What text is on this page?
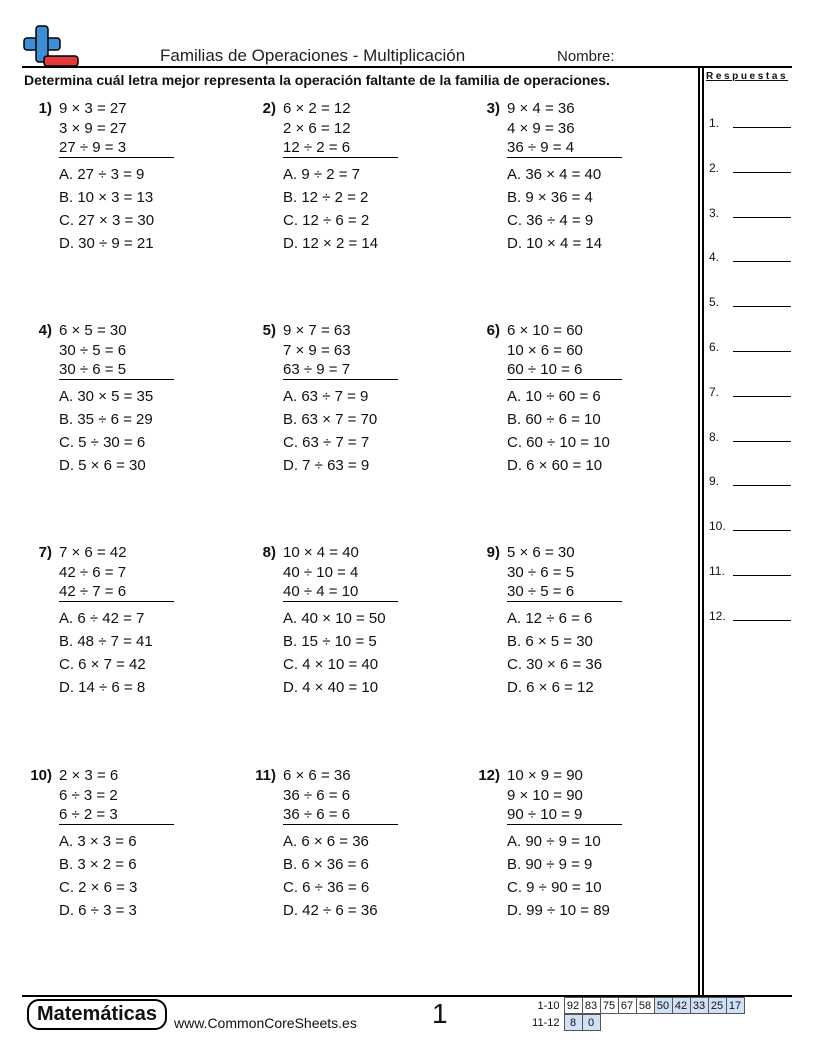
Familias de Operaciones - Multiplicación	Nombre:
Determina cuál letra mejor representa la operación faltante de la familia de operaciones.	Respuestas
1.
2.
3.
4.
5.
6.
7.
8.
9.
10.
11.
12.
1) 9 × 3 = 27
3 × 9 = 27
27 ÷ 9 = 3
A. 27 ÷ 3 = 9
B. 10 × 3 = 13
C. 27 × 3 = 30
D. 30 ÷ 9 = 21
2) 6 × 2 = 12
2 × 6 = 12
12 ÷ 2 = 6
A. 9 ÷ 2 = 7
B. 12 ÷ 2 = 2
C. 12 ÷ 6 = 2
D. 12 × 2 = 14
3) 9 × 4 = 36
4 × 9 = 36
36 ÷ 9 = 4
A. 36 × 4 = 40
B. 9 × 36 = 4
C. 36 ÷ 4 = 9
D. 10 × 4 = 14
4) 6 × 5 = 30
30 ÷ 5 = 6
30 ÷ 6 = 5
A. 30 × 5 = 35
B. 35 ÷ 6 = 29
C. 5 ÷ 30 = 6
D. 5 × 6 = 30
5) 9 × 7 = 63
7 × 9 = 63
63 ÷ 9 = 7
A. 63 ÷ 7 = 9
B. 63 × 7 = 70
C. 63 ÷ 7 = 7
D. 7 ÷ 63 = 9
6) 6 × 10 = 60
10 × 6 = 60
60 ÷ 10 = 6
A. 10 ÷ 60 = 6
B. 60 ÷ 6 = 10
C. 60 ÷ 10 = 10
D. 6 × 60 = 10
7) 7 × 6 = 42
42 ÷ 6 = 7
42 ÷ 7 = 6
A. 6 ÷ 42 = 7
B. 48 ÷ 7 = 41
C. 6 × 7 = 42
D. 14 ÷ 6 = 8
8) 10 × 4 = 40
40 ÷ 10 = 4
40 ÷ 4 = 10
A. 40 × 10 = 50
B. 15 ÷ 10 = 5
C. 4 × 10 = 40
D. 4 × 40 = 10
9) 5 × 6 = 30
30 ÷ 6 = 5
30 ÷ 5 = 6
A. 12 ÷ 6 = 6
B. 6 × 5 = 30
C. 30 × 6 = 36
D. 6 × 6 = 12
10) 2 × 3 = 6
6 ÷ 3 = 2
6 ÷ 2 = 3
A. 3 × 3 = 6
B. 3 × 2 = 6
C. 2 × 6 = 3
D. 6 ÷ 3 = 3
11) 6 × 6 = 36
36 ÷ 6 = 6
36 ÷ 6 = 6
A. 6 × 6 = 36
B. 6 × 36 = 6
C. 6 ÷ 36 = 6
D. 42 ÷ 6 = 36
12) 10 × 9 = 90
9 × 10 = 90
90 ÷ 10 = 9
A. 90 ÷ 9 = 10
B. 90 ÷ 9 = 9
C. 9 ÷ 90 = 10
D. 99 ÷ 10 = 89
Matemáticas	www.CommonCoreSheets.es	1	1-10	92	83	75	67	58	50	42	33	25	17
11-12	8	0
